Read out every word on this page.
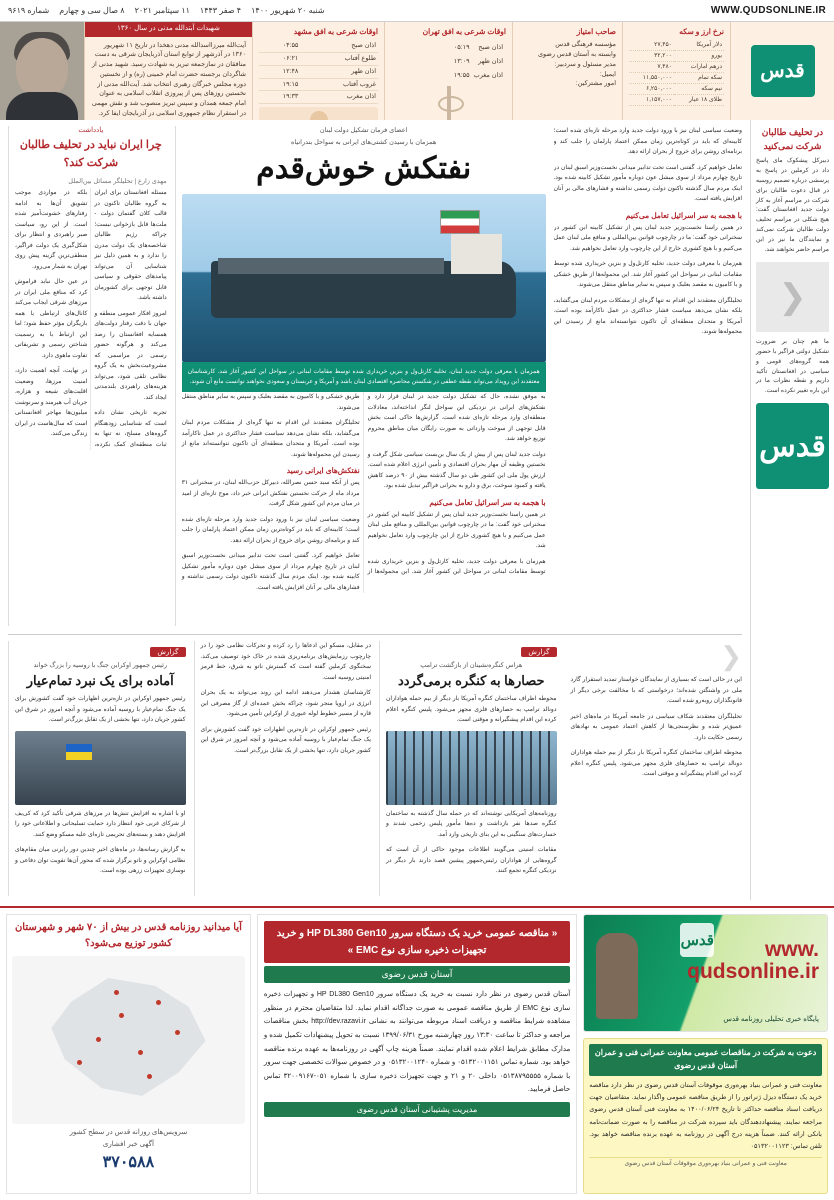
WWW.QUDSONLINE.IR
شنبه ۲۰ شهریور ۱۴۰۰
۴ صفر ۱۴۴۳
۱۱ سپتامبر ۲۰۲۱
۸ صال سی و چهارم
شماره ۹۶۱۹
شهیدات آبتدالله مدنی در سال ۱۳۶۰
آیت‌الله میرزااسدالله مدنی دهخدا در تاریخ ۱۱ شهریور ۱۳۶۰ در آذرشهر از توابع استان آذربایجان شرقی به دست منافقان در نمازجمعه تبریز به شهادت رسید. شهید مدنی از شاگردان برجسته حضرت امام خمینی (ره) و از نخستین دوره مجلس خبرگان رهبری انتخاب شد. آیت‌الله مدنی از نخستین روزهای پس از پیروزی انقلاب اسلامی به عنوان امام جمعه همدان و سپس تبریز منصوب شد و نقش مهمی در استقرار نظام جمهوری اسلامی در آذربایجان ایفا کرد.
اوقات شرعی به افق مشهد
اذان صبح	۰۴:۵۵
طلوع آفتاب	۰۶:۲۱
اذان ظهر	۱۲:۴۸
غروب آفتاب	۱۹:۱۵
اذان مغرب	۱۹:۳۳
اوقات شرعی به افق تهران
اذان صبح	۰۵:۱۹
اذان ظهر	۱۳:۰۹
اذان مغرب	۱۹:۵۵
صاحب امتیاز
مؤسسه فرهنگی قدس
وابسته به آستان قدس رضوی
مدیر مسئول و سردبیر:
ایمیل:
امور مشترکین:
نرخ ارز و سکه
دلار آمریکا	۲۷,۴۵۰
یورو	۳۲,۲۰۰
درهم امارات	۷,۴۸۰
سکه تمام	۱۱,۵۵۰,۰۰۰
نیم سکه	۶,۲۵۰,۰۰۰
طلای ۱۸ عیار	۱,۱۵۷,۰۰۰
قدس
در تحلیف طالبان شرکت نمی‌کنید

دبیرکل پیشکوک مای پاسخ داد در کرملین در پاسخ به پرسشی درباره تصمیم روسیه در قبال دعوت طالبان برای شرکت در مراسم آغاز به کار دولت جدید افغانستان گفت: هیچ شکلی در مراسم تحلیف دولت طالبان شرکت نمی‌کند و نمایندگان ما نیز در این مراسم حاضر نخواهند شد.

❮

ما هم چنان بر ضرورت تشکیل دولتی فراگیر با حضور همه گروه‌های قومی و سیاسی در افغانستان تأکید داریم و نقطه نظرات ما در این باره تغییر نکرده است.

قدس
یادداشت
چرا ایران نباید در تحلیف طالبان شرکت کند؟
مهدی زارع | تحلیلگر مسائل بین‌الملل

مسئله افغانستان برای ایران به گروه طالبان تاکنون در قالب کلان گفتمان دولت - ملت‌ها قابل بازخوانی نیست؛ چراکه رژیم طالبان شاخصه‌های یک دولت مدرن را ندارد و به همین دلیل نیز شناسایی آن می‌تواند پیامدهای حقوقی و سیاسی قابل توجهی برای کشورمان داشته باشد.

امروز افکار عمومی منطقه و جهان با دقت رفتار دولت‌های همسایه افغانستان را رصد می‌کند و هرگونه حضور رسمی در مراسمی که مشروعیت‌بخش به یک گروه نظامی تلقی شود، می‌تواند هزینه‌های راهبردی بلندمدتی ایجاد کند.

تجربه تاریخی نشان داده است که شناسایی زودهنگام گروه‌های مسلح، نه تنها به ثبات منطقه‌ای کمک نکرده، بلکه در مواردی موجب تشویق آن‌ها به ادامه رفتارهای خشونت‌آمیز شده است. از این رو، سیاست صبر راهبردی و انتظار برای شکل‌گیری یک دولت فراگیر، منطقی‌ترین گزینه پیش روی تهران به شمار می‌رود.

در عین حال نباید فراموش کرد که منافع ملی ایران در مرزهای شرقی ایجاب می‌کند کانال‌های ارتباطی با همه بازیگران مؤثر حفظ شود؛ اما این ارتباط با به رسمیت شناختن رسمی و تشریفاتی تفاوت ماهوی دارد.

در نهایت، آنچه اهمیت دارد، امنیت مرزها، وضعیت اقلیت‌های شیعه و هزاره، جریان آب هیرمند و سرنوشت میلیون‌ها مهاجر افغانستانی است که سال‌هاست در ایران زندگی می‌کنند.

اعضای فرمان تشکیل دولت لبنان
همزمان با رسیدن کشتی‌های ایرانی به سواحل بندرانیاه
نفتکش خوش‌قدم
همزمان با معرفی دولت جدید لبنان، تخلیه کارتل‌ول و بنزین خریداری شده توسط مقامات لبنانی در سواحل این کشور آغاز شد. کارشناسان معتقدند این رویداد می‌تواند نقطه عطفی در شکستن محاصره اقتصادی لبنان باشد و آمریکا و عربستان و سعودی نخواهند توانست مانع آن شوند.

به موفق نشده، حال که تشکیل دولت جدید در لبنان قرار دارد و نفتکش‌های ایرانی در نزدیکی این سواحل لنگر انداخته‌اند، معادلات منطقه‌ای وارد مرحله تازه‌ای شده است. گزارش‌ها حاکی است بخش قابل توجهی از سوخت وارداتی به صورت رایگان میان مناطق محروم توزیع خواهد شد.

دولت جدید لبنان پس از بیش از یک سال بن‌بست سیاسی شکل گرفت و نخستین وظیفه آن مهار بحران اقتصادی و تأمین انرژی اعلام شده است. ارزش پول ملی این کشور طی دو سال گذشته بیش از ۹۰ درصد کاهش یافته و کمبود سوخت، برق و دارو به بحرانی فراگیر تبدیل شده بود.

با هجمه به سر اسرائیل تعامل می‌کنیم

در همین راستا نخست‌وزیر جدید لبنان پس از تشکیل کابینه این کشور در سخنرانی خود گفت: ما در چارچوب قوانین بین‌المللی و منافع ملی لبنان عمل می‌کنیم و با هیچ کشوری خارج از این چارچوب وارد تعامل نخواهیم شد.

هم‌زمان با معرفی دولت جدید، تخلیه کارتل‌ول و بنزین خریداری شده توسط مقامات لبنانی در سواحل این کشور آغاز شد. این محموله‌ها از طریق خشکی و با کامیون به مقصد بعلبک و سپس به سایر مناطق منتقل می‌شوند.

تحلیلگران معتقدند این اقدام نه تنها گره‌ای از مشکلات مردم لبنان می‌گشاید، بلکه نشان می‌دهد سیاست فشار حداکثری در عمل ناکارآمد بوده است. آمریکا و متحدان منطقه‌ای آن تاکنون نتوانسته‌اند مانع از رسیدن این محموله‌ها شوند.

نفتکش‌های ایرانی رسید

پس از آنکه سید حسن نصرالله، دبیرکل حزب‌الله لبنان، در سخنرانی ۳۱ مرداد ماه از حرکت نخستین نفتکش ایرانی خبر داد، موج تازه‌ای از امید در میان مردم این کشور شکل گرفت.

وضعیت سیاسی لبنان نیز با ورود دولت جدید وارد مرحله تازه‌ای شده است؛ کابینه‌ای که باید در کوتاه‌ترین زمان ممکن اعتماد پارلمان را جلب کند و برنامه‌ای روشن برای خروج از بحران ارائه دهد.

تعامل خواهیم کرد. گفتنی است تحت تدابیر میدانی نخست‌وزیر اسبق لبنان در تاریخ چهارم مرداد از سوی میشل عون دوباره مأمور تشکیل کابینه شده بود. اینک مردم سال گذشته تاکنون دولت رسمی نداشته و فشارهای مالی بر آنان افزایش یافته است.

وضعیت سیاسی لبنان نیز با ورود دولت جدید وارد مرحله تازه‌ای شده است؛ کابینه‌ای که باید در کوتاه‌ترین زمان ممکن اعتماد پارلمان را جلب کند و برنامه‌ای روشن برای خروج از بحران ارائه دهد.

تعامل خواهیم کرد. گفتنی است تحت تدابیر میدانی نخست‌وزیر اسبق لبنان در تاریخ چهارم مرداد از سوی میشل عون دوباره مأمور تشکیل کابینه شده بود. اینک مردم سال گذشته تاکنون دولت رسمی نداشته و فشارهای مالی بر آنان افزایش یافته است.

با هجمه به سر اسرائیل تعامل می‌کنیم

در همین راستا نخست‌وزیر جدید لبنان پس از تشکیل کابینه این کشور در سخنرانی خود گفت: ما در چارچوب قوانین بین‌المللی و منافع ملی لبنان عمل می‌کنیم و با هیچ کشوری خارج از این چارچوب وارد تعامل نخواهیم شد.

هم‌زمان با معرفی دولت جدید، تخلیه کارتل‌ول و بنزین خریداری شده توسط مقامات لبنانی در سواحل این کشور آغاز شد. این محموله‌ها از طریق خشکی و با کامیون به مقصد بعلبک و سپس به سایر مناطق منتقل می‌شوند.

تحلیلگران معتقدند این اقدام نه تنها گره‌ای از مشکلات مردم لبنان می‌گشاید، بلکه نشان می‌دهد سیاست فشار حداکثری در عمل ناکارآمد بوده است. آمریکا و متحدان منطقه‌ای آن تاکنون نتوانسته‌اند مانع از رسیدن این محموله‌ها شوند.

گزارش
رئیس جمهور اوکراین جنگ با روسیه را بزرگ خواند
آماده برای یک نبرد تمام‌عیار

رئیس جمهور اوکراین در تازه‌ترین اظهارات خود گفت کشورش برای یک جنگ تمام‌عیار با روسیه آماده می‌شود و آنچه امروز در شرق این کشور جریان دارد، تنها بخشی از یک تقابل بزرگ‌تر است.

او با اشاره به افزایش تنش‌ها در مرزهای شرقی تأکید کرد که کی‌یف از شرکای غربی خود انتظار دارد حمایت تسلیحاتی و اطلاعاتی خود را افزایش دهند و بسته‌های تحریمی تازه‌ای علیه مسکو وضع کنند.

به گزارش رسانه‌ها، در ماه‌های اخیر چندین دور رایزنی میان مقام‌های نظامی اوکراین و ناتو برگزار شده که محور آن‌ها تقویت توان دفاعی و نوسازی تجهیزات زرهی بوده است.

در مقابل، مسکو این ادعاها را رد کرده و تحرکات نظامی خود را در چارچوب رزمایش‌های برنامه‌ریزی شده در خاک خود توصیف می‌کند. سخنگوی کرملین گفته است که گسترش ناتو به شرق، خط قرمز امنیتی روسیه است.

کارشناسان هشدار می‌دهند ادامه این روند می‌تواند به یک بحران انرژی در اروپا منجر شود، چراکه بخش عمده‌ای از گاز مصرفی این قاره از مسیر خطوط لوله عبوری از اوکراین تأمین می‌شود.

رئیس جمهور اوکراین در تازه‌ترین اظهارات خود گفت کشورش برای یک جنگ تمام‌عیار با روسیه آماده می‌شود و آنچه امروز در شرق این کشور جریان دارد، تنها بخشی از یک تقابل بزرگ‌تر است.

گزارش
هراس کنگره‌نشینان از بازگشت ترامپ
حصارها به کنگره برمی‌گردد

محوطه اطراف ساختمان کنگره آمریکا بار دیگر از بیم حمله هواداران دونالد ترامپ به حصارهای فلزی مجهز می‌شود. پلیس کنگره اعلام کرده این اقدام پیشگیرانه و موقتی است.

روزنامه‌های آمریکایی نوشته‌اند که در حمله سال گذشته به ساختمان کنگره صدها نفر بازداشت و ده‌ها مأمور پلیس زخمی شدند و خسارت‌های سنگینی به این بنای تاریخی وارد آمد.

مقامات امنیتی می‌گویند اطلاعات موجود حاکی از آن است که گروه‌هایی از هواداران رئیس‌جمهور پیشین قصد دارند بار دیگر در نزدیکی کنگره تجمع کنند.

❮

این در حالی است که بسیاری از نمایندگان خواستار تمدید استقرار گارد ملی در واشنگتن شده‌اند؛ درخواستی که با مخالفت برخی دیگر از قانونگذاران روبه‌رو شده است.

تحلیلگران معتقدند شکاف سیاسی در جامعه آمریکا در ماه‌های اخیر عمیق‌تر شده و نظرسنجی‌ها از کاهش اعتماد عمومی به نهادهای رسمی حکایت دارد.

محوطه اطراف ساختمان کنگره آمریکا بار دیگر از بیم حمله هواداران دونالد ترامپ به حصارهای فلزی مجهز می‌شود. پلیس کنگره اعلام کرده این اقدام پیشگیرانه و موقتی است.

آیا میدانید روزنامه قدس در بیش از ۷۰ شهر و شهرستان کشور توزیع می‌شود؟
سرویس‌های روزانه قدس در سطح کشور
آگهی خبر افشاری
۳۷۰۵۸۸
« مناقصه عمومی خرید یک دستگاه سرور HP DL380 Gen10 و خرید تجهیزات ذخیره سازی نوع EMC »
آستان قدس رضوی
آستان قدس رضوی در نظر دارد نسبت به خرید یک دستگاه سرور HP DL380 Gen10 و تجهیزات ذخیره سازی نوع EMC از طریق مناقصه عمومی به صورت جداگانه اقدام نماید. لذا متقاضیان محترم در منظور مشاهده شرایط مناقصه و دریافت اسناد مربوطه می‌توانند به نشانی http://dev.razavi.ir بخش مناقصات مراجعه و حداکثر تا ساعت ۱۳:۳۰ روز چهارشنبه مورخ ۱۳۹۹/۰۶/۳۱ نسبت به تحویل پیشنهادات تکمیل شده و مدارک مطابق شرایط اعلام شده اقدام نمایند. ضمناً هزینه چاپ آگهی در روزنامه‌ها به عهده برنده مناقصه خواهد بود. شماره تماس ۰۵۱۳۲۰۰۱۱۵۱ و شماره ۰۵۱۳۲۰۰۱۲۴۰ و در خصوص سوالات تخصصی جهت سرور با شماره ۰۵۱۳۸۷۹۵۵۵۵ داخلی ۲۰ و ۲۱ و جهت تجهیزات ذخیره سازی با شماره ۰۵۱-۳۲۰۰۹۱۶۷ تماس حاصل فرمایید.
مدیریت پشتیبانی آستان قدس رضوی
قدس	www.
qudsonline.ir
پایگاه خبری تحلیلی روزنامه قدس
دعوت به شرکت در مناقصات عمومی معاونت عمرانی فنی و عمران آستان قدس رضوی
معاونت فنی و عمرانی بنیاد بهره‌وری موقوفات آستان قدس رضوی در نظر دارد مناقصه خرید یک دستگاه دیزل ژنراتور را از طریق مناقصه عمومی واگذار نماید. متقاضیان جهت دریافت اسناد مناقصه حداکثر تا تاریخ ۱۴۰۰/۰۶/۲۴ به معاونت فنی آستان قدس رضوی مراجعه نمایند. پیشنهاددهندگان باید سپرده شرکت در مناقصه را به صورت ضمانت‌نامه بانکی ارائه کنند. ضمناً هزینه درج آگهی در روزنامه به عهده برنده مناقصه خواهد بود. تلفن تماس: ۰۵۱۳۲۰۰۱۱۲۳
معاونت فنی و عمرانی بنیاد بهره‌وری موقوفات آستان قدس رضوی
